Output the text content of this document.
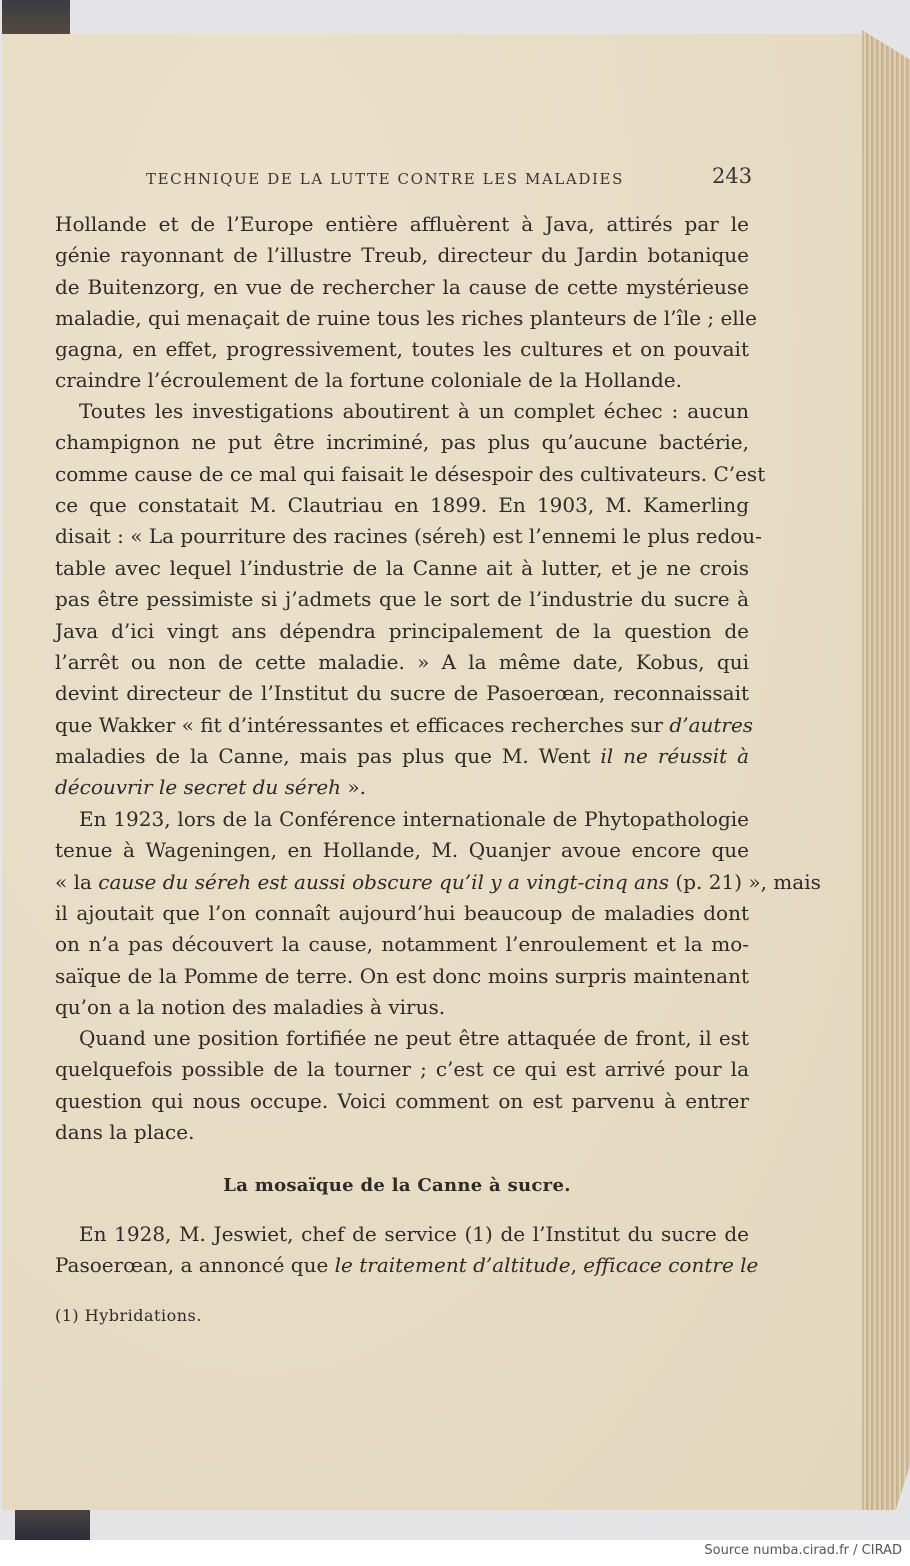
TECHNIQUE DE LA LUTTE CONTRE LES MALADIES	243
Hollande et de l’Europe entière affluèrent à Java, attirés par le
génie rayonnant de l’illustre Treub, directeur du Jardin botanique
de Buitenzorg, en vue de rechercher la cause de cette mystérieuse
maladie, qui menaçait de ruine tous les riches planteurs de l’île ; elle
gagna, en effet, progressivement, toutes les cultures et on pouvait
craindre l’écroulement de la fortune coloniale de la Hollande.
Toutes les investigations aboutirent à un complet échec : aucun
champignon ne put être incriminé, pas plus qu’aucune bactérie,
comme cause de ce mal qui faisait le désespoir des cultivateurs. C’est
ce que constatait M. Clautriau en 1899. En 1903, M. Kamerling
disait : « La pourriture des racines (séreh) est l’ennemi le plus redou-
table avec lequel l’industrie de la Canne ait à lutter, et je ne crois
pas être pessimiste si j’admets que le sort de l’industrie du sucre à
Java d’ici vingt ans dépendra principalement de la question de
l’arrêt ou non de cette maladie. » A la même date, Kobus, qui
devint directeur de l’Institut du sucre de Pasoerœan, reconnaissait
que Wakker « fit d’intéressantes et efficaces recherches sur d’autres
maladies de la Canne, mais pas plus que M. Went il ne réussit à
découvrir le secret du séreh ».
En 1923, lors de la Conférence internationale de Phytopathologie
tenue à Wageningen, en Hollande, M. Quanjer avoue encore que
« la cause du séreh est aussi obscure qu’il y a vingt-cinq ans (p. 21) », mais
il ajoutait que l’on connaît aujourd’hui beaucoup de maladies dont
on n’a pas découvert la cause, notamment l’enroulement et la mo-
saïque de la Pomme de terre. On est donc moins surpris maintenant
qu’on a la notion des maladies à virus.
Quand une position fortifiée ne peut être attaquée de front, il est
quelquefois possible de la tourner ; c’est ce qui est arrivé pour la
question qui nous occupe. Voici comment on est parvenu à entrer
dans la place.
En 1928, M. Jeswiet, chef de service (1) de l’Institut du sucre de
Pasoerœan, a annoncé que le traitement d’altitude, efficace contre le
La mosaïque de la Canne à sucre.
(1) Hybridations.
Source numba.cirad.fr / CIRAD
